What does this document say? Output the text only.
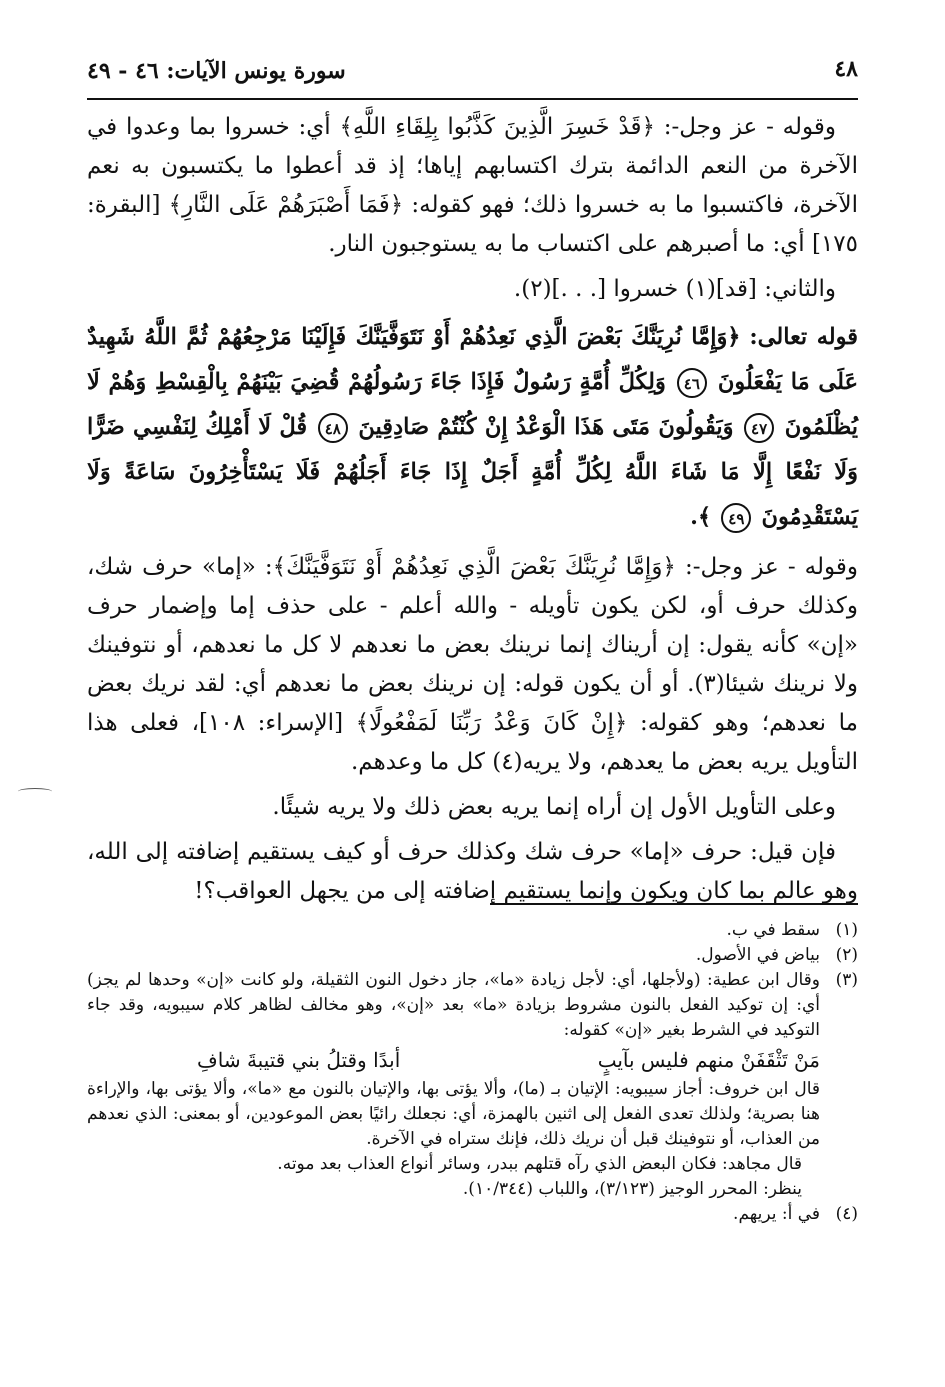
٤٨
سورة يونس الآيات: ٤٦ - ٤٩

وقوله - عز وجل-: ﴿قَدْ خَسِرَ الَّذِينَ كَذَّبُوا بِلِقَاءِ اللَّهِ﴾ أي: خسروا بما وعدوا في الآخرة من النعم الدائمة بترك اكتسابهم إياها؛ إذ قد أعطوا ما يكتسبون به نعم الآخرة، فاكتسبوا ما به خسروا ذلك؛ فهو كقوله: ﴿فَمَا أَصْبَرَهُمْ عَلَى النَّارِ﴾ [البقرة: ١٧٥] أي: ما أصبرهم على اكتساب ما به يستوجبون النار.

والثاني: [قد](١) خسروا [. . .](٢).

قوله تعالى: ﴿وَإِمَّا نُرِيَنَّكَ بَعْضَ الَّذِي نَعِدُهُمْ أَوْ نَتَوَفَّيَنَّكَ فَإِلَيْنَا مَرْجِعُهُمْ ثُمَّ اللَّهُ شَهِيدٌ عَلَى مَا يَفْعَلُونَ ٤٦ وَلِكُلِّ أُمَّةٍ رَسُولٌ فَإِذَا جَاءَ رَسُولُهُمْ قُضِيَ بَيْنَهُمْ بِالْقِسْطِ وَهُمْ لَا يُظْلَمُونَ ٤٧ وَيَقُولُونَ مَتَى هَذَا الْوَعْدُ إِنْ كُنْتُمْ صَادِقِينَ ٤٨ قُلْ لَا أَمْلِكُ لِنَفْسِي ضَرًّا وَلَا نَفْعًا إِلَّا مَا شَاءَ اللَّهُ لِكُلِّ أُمَّةٍ أَجَلٌ إِذَا جَاءَ أَجَلُهُمْ فَلَا يَسْتَأْخِرُونَ سَاعَةً وَلَا يَسْتَقْدِمُونَ ٤٩ ﴾.

وقوله - عز وجل-: ﴿وَإِمَّا نُرِيَنَّكَ بَعْضَ الَّذِي نَعِدُهُمْ أَوْ نَتَوَفَّيَنَّكَ﴾: «إما» حرف شك، وكذلك حرف أو، لكن يكون تأويله - والله أعلم - على حذف إما وإضمار حرف «إن» كأنه يقول: إن أريناك إنما نرينك بعض ما نعدهم لا كل ما نعدهم، أو نتوفينك ولا نرينك شيئا(٣). أو أن يكون قوله: إن نرينك بعض ما نعدهم أي: لقد نريك بعض ما نعدهم؛ وهو كقوله: ﴿إِنْ كَانَ وَعْدُ رَبِّنَا لَمَفْعُولًا﴾ [الإسراء: ١٠٨]، فعلى هذا التأويل يريه بعض ما يعدهم، ولا يريه(٤) كل ما وعدهم.

وعلى التأويل الأول إن أراه إنما يريه بعض ذلك ولا يريه شيئًا.

فإن قيل: حرف «إما» حرف شك وكذلك حرف أو كيف يستقيم إضافته إلى الله، وهو عالم بما كان ويكون وإنما يستقيم إضافته إلى من يجهل العواقب؟!

(١)
سقط في ب.

(٢)
بياض في الأصول.

(٣)
وقال ابن عطية: (ولأجلها، أي: لأجل زيادة «ما»، جاز دخول النون الثقيلة، ولو كانت «إن» وحدها لم يجز) أي: إن توكيد الفعل بالنون مشروط بزيادة «ما» بعد «إن»، وهو مخالف لظاهر كلام سيبويه، وقد جاء التوكيد في الشرط بغير «إن» كقوله:

مَنْ تَثْقَفَنْ منهم فليس بآيبٍ
أبدًا وقتلُ بني قتيبةَ شافِ

قال ابن خروف: أجاز سيبويه: الإتيان بـ (ما)، وألا يؤتى بها، والإتيان بالنون مع «ما»، وألا يؤتى بها، والإراءة هنا بصرية؛ ولذلك تعدى الفعل إلى اثنين بالهمزة، أي: نجعلك رائيًا بعض الموعودين، أو بمعنى: الذي نعدهم من العذاب، أو نتوفينك قبل أن نريك ذلك، فإنك ستراه في الآخرة.

قال مجاهد: فكان البعض الذي رآه قتلهم ببدر، وسائر أنواع العذاب بعد موته.

ينظر: المحرر الوجيز (٣/١٢٣)، واللباب (١٠/٣٤٤).

(٤)
في أ: يريهم.
